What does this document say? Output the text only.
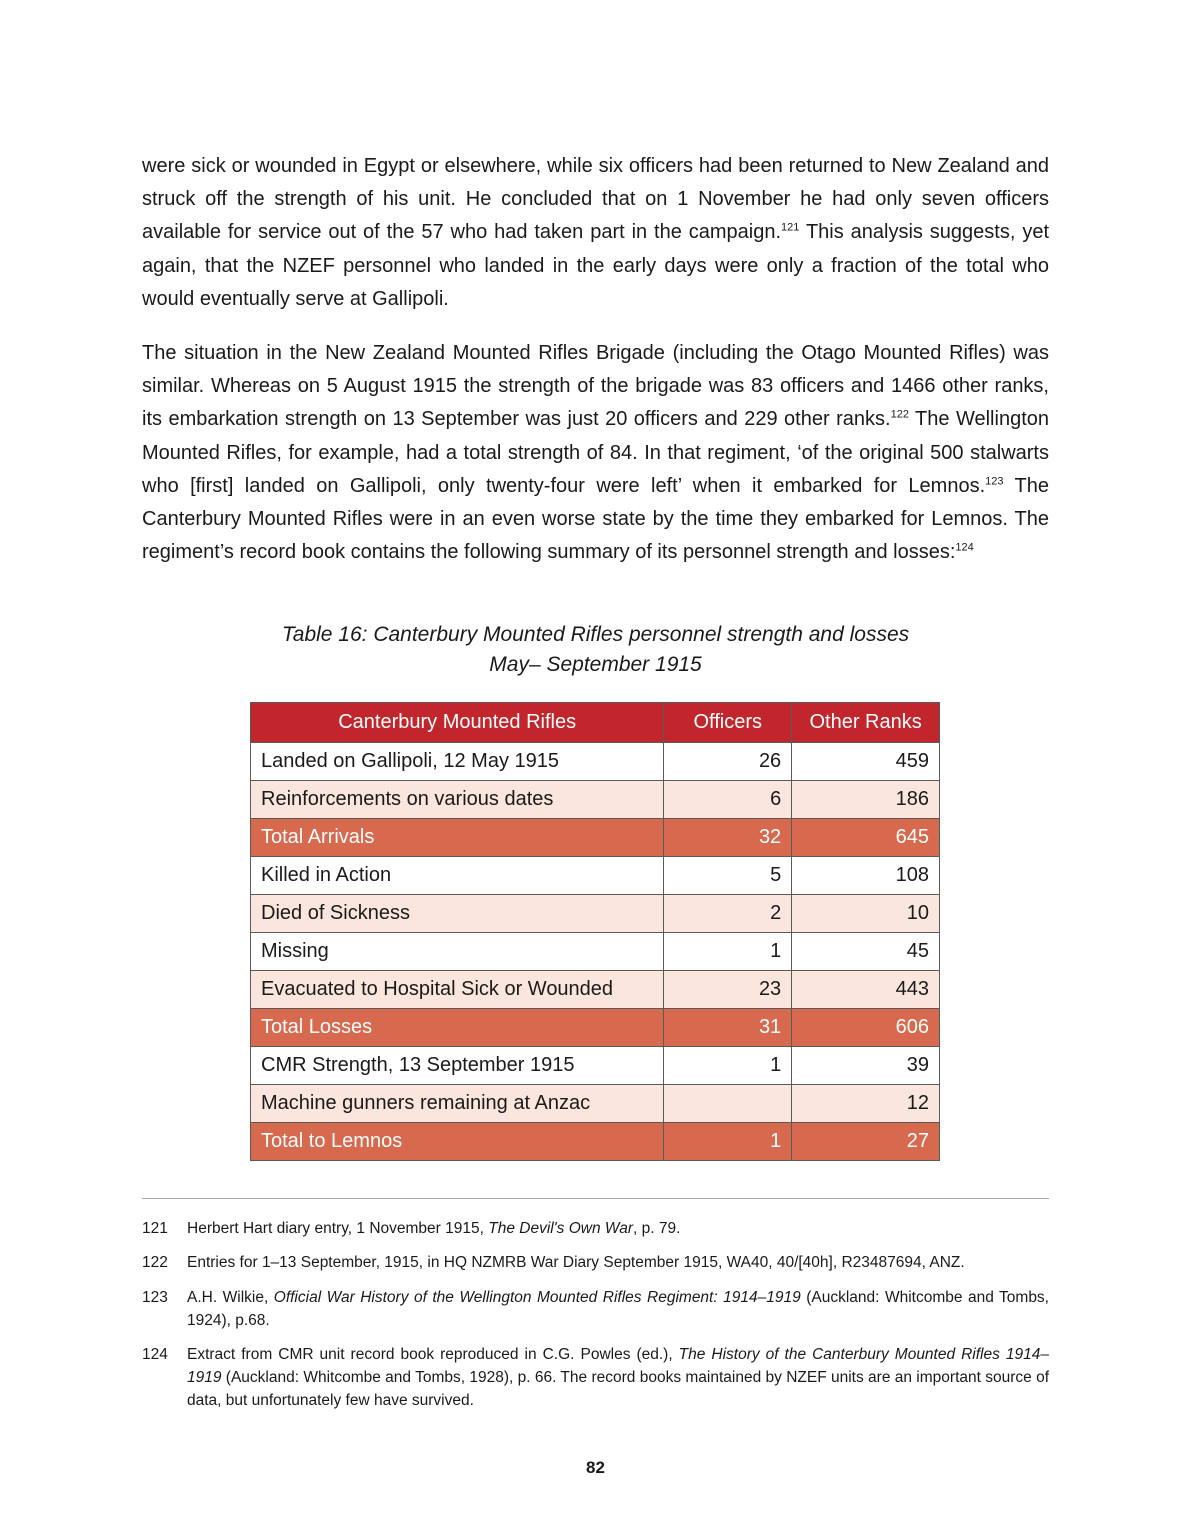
were sick or wounded in Egypt or elsewhere, while six officers had been returned to New Zealand and struck off the strength of his unit. He concluded that on 1 November he had only seven officers available for service out of the 57 who had taken part in the campaign.$^{121}$ This analysis suggests, yet again, that the NZEF personnel who landed in the early days were only a fraction of the total who would eventually serve at Gallipoli.

The situation in the New Zealand Mounted Rifles Brigade (including the Otago Mounted Rifles) was similar. Whereas on 5 August 1915 the strength of the brigade was 83 officers and 1466 other ranks, its embarkation strength on 13 September was just 20 officers and 229 other ranks.$^{122}$ The Wellington Mounted Rifles, for example, had a total strength of 84. In that regiment, ‘of the original 500 stalwarts who [first] landed on Gallipoli, only twenty-four were left’ when it embarked for Lemnos.$^{123}$ The Canterbury Mounted Rifles were in an even worse state by the time they embarked for Lemnos. The regiment’s record book contains the following summary of its personnel strength and losses:$^{124}$

Table 16: Canterbury Mounted Rifles personnel strength and losses
May– September 1915
Canterbury Mounted Rifles	Officers	Other Ranks
Landed on Gallipoli, 12 May 1915	26	459
Reinforcements on various dates	6	186
Total Arrivals	32	645
Killed in Action	5	108
Died of Sickness	2	10
Missing	1	45
Evacuated to Hospital Sick or Wounded	23	443
Total Losses	31	606
CMR Strength, 13 September 1915	1	39
Machine gunners remaining at Anzac		12
Total to Lemnos	1	27
121	Herbert Hart diary entry, 1 November 1915, The Devil's Own War, p. 79.
122	Entries for 1–13 September, 1915, in HQ NZMRB War Diary September 1915, WA40, 40/[40h], R23487694, ANZ.
123	A.H. Wilkie, Official War History of the Wellington Mounted Rifles Regiment: 1914–1919 (Auckland: Whitcombe and Tombs, 1924), p.68.
124	Extract from CMR unit record book reproduced in C.G. Powles (ed.), The History of the Canterbury Mounted Rifles 1914–1919 (Auckland: Whitcombe and Tombs, 1928), p. 66. The record books maintained by NZEF units are an important source of data, but unfortunately few have survived.
82
